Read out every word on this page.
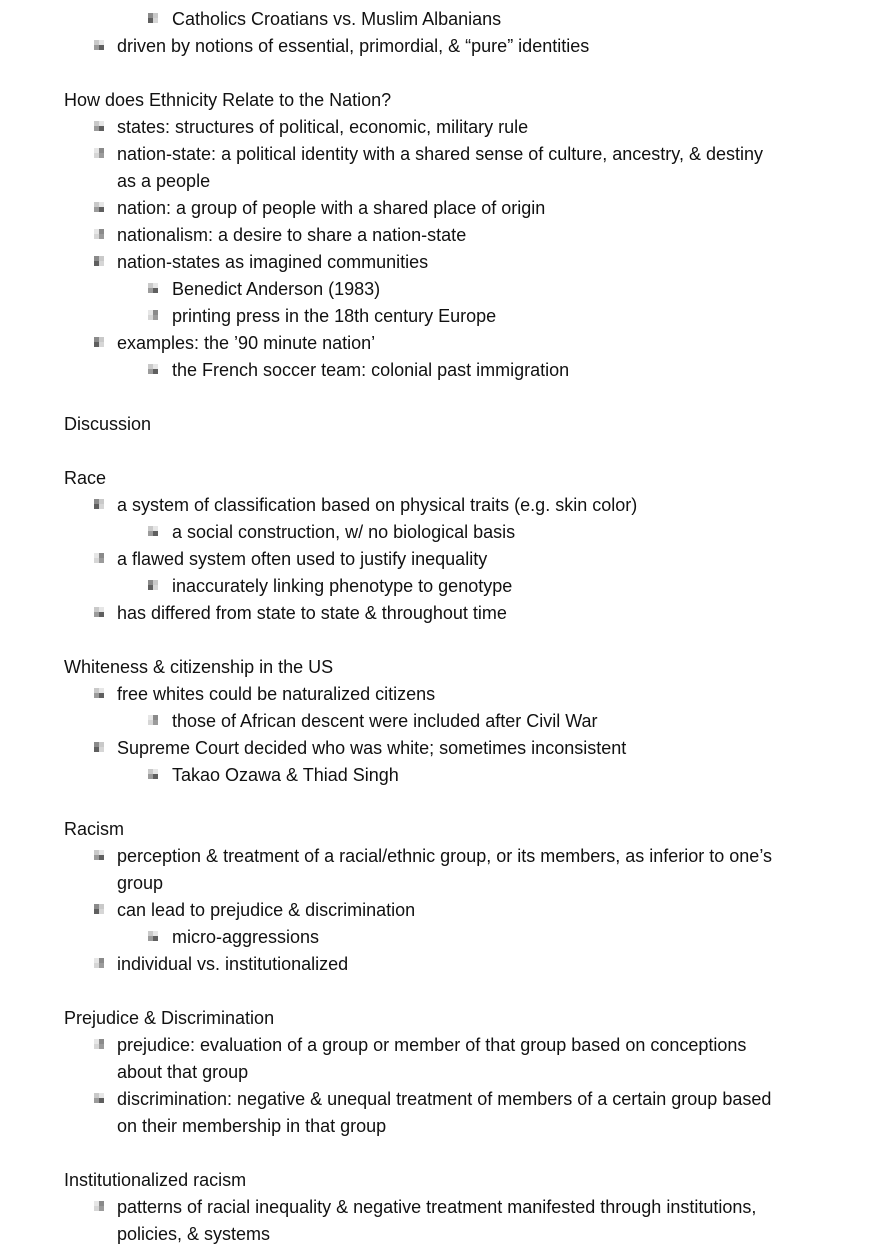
Catholics Croatians vs. Muslim Albanians
driven by notions of essential, primordial, & “pure” identities
How does Ethnicity Relate to the Nation?
states: structures of political, economic, military rule
nation-state: a political identity with a shared sense of culture, ancestry, & destiny
as a people
nation: a group of people with a shared place of origin
nationalism: a desire to share a nation-state
nation-states as imagined communities
Benedict Anderson (1983)
printing press in the 18th century Europe
examples: the ’90 minute nation’
the French soccer team: colonial past immigration
Discussion
Race
a system of classification based on physical traits (e.g. skin color)
a social construction, w/ no biological basis
a flawed system often used to justify inequality
inaccurately linking phenotype to genotype
has differed from state to state & throughout time
Whiteness & citizenship in the US
free whites could be naturalized citizens
those of African descent were included after Civil War
Supreme Court decided who was white; sometimes inconsistent
Takao Ozawa & Thiad Singh
Racism
perception & treatment of a racial/ethnic group, or its members, as inferior to one’s
group
can lead to prejudice & discrimination
micro-aggressions
individual vs. institutionalized
Prejudice & Discrimination
prejudice: evaluation of a group or member of that group based on conceptions
about that group
discrimination: negative & unequal treatment of members of a certain group based
on their membership in that group
Institutionalized racism
patterns of racial inequality & negative treatment manifested through institutions,
policies, & systems
